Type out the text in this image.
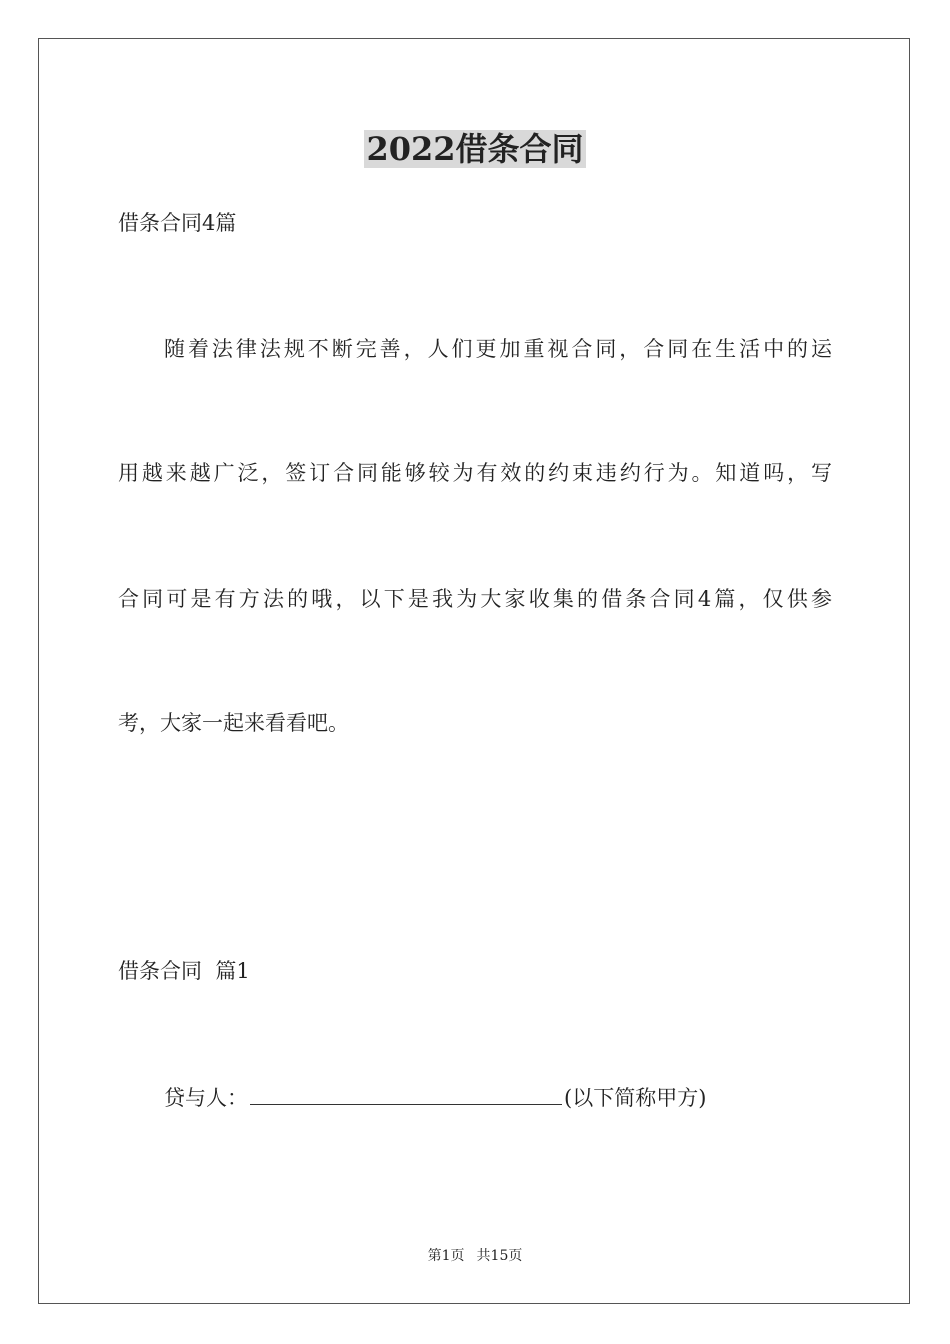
2022借条合同

借条合同4篇

随着法律法规不断完善，人们更加重视合同，合同在生活中的运

用越来越广泛，签订合同能够较为有效的约束违约行为。知道吗，写

合同可是有方法的哦，以下是我为大家收集的借条合同4篇，仅供参

考，大家一起来看看吧。

借条合同  篇1

贷与人：	(以下简称甲方)

第1页 共15页
